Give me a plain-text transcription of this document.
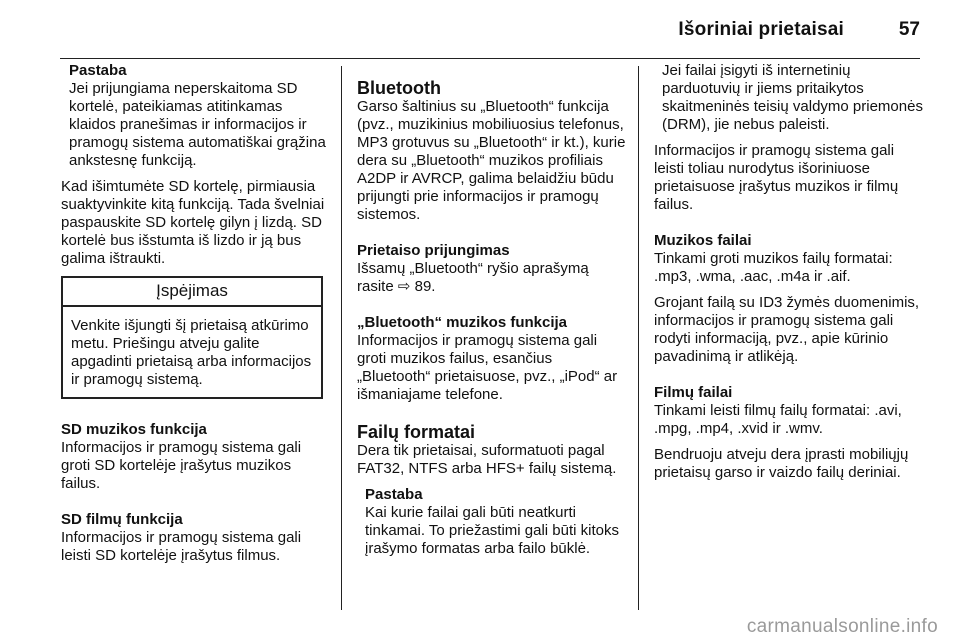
Išoriniai prietaisai	57

Pastaba

Jei prijungiama neperskaitoma SD kortelė, pateikiamas atitinkamas klaidos pranešimas ir informacijos ir pramogų sistema automatiškai grąžina ankstesnę funkciją.

Kad išimtumėte SD kortelę, pirmiausia suaktyvinkite kitą funkciją. Tada švelniai paspauskite SD kortelę gilyn į lizdą. SD kortelė bus išstumta iš lizdo ir ją bus galima ištraukti.

Įspėjimas
Venkite išjungti šį prietaisą atkūrimo metu. Priešingu atveju galite apgadinti prietaisą arba informacijos ir pramogų sistemą.

SD muzikos funkcija

Informacijos ir pramogų sistema gali groti SD kortelėje įrašytus muzikos failus.

SD filmų funkcija

Informacijos ir pramogų sistema gali leisti SD kortelėje įrašytus filmus.

Bluetooth

Garso šaltinius su „Bluetooth“ funkcija (pvz., muzikinius mobiliuosius telefonus, MP3 grotuvus su „Bluetooth“ ir kt.), kurie dera su „Bluetooth“ muzikos profiliais A2DP ir AVRCP, galima belaidžiu būdu prijungti prie informacijos ir pramogų sistemos.

Prietaiso prijungimas

Išsamų „Bluetooth“ ryšio aprašymą rasite ⇨ 89.

„Bluetooth“ muzikos funkcija

Informacijos ir pramogų sistema gali groti muzikos failus, esančius „Bluetooth“ prietaisuose, pvz., „iPod“ ar išmaniajame telefone.

Failų formatai

Dera tik prietaisai, suformatuoti pagal FAT32, NTFS arba HFS+ failų sistemą.

Pastaba

Kai kurie failai gali būti neatkurti tinkamai. To priežastimi gali būti kitoks įrašymo formatas arba failo būklė.

Jei failai įsigyti iš internetinių parduotuvių ir jiems pritaikytos skaitmeninės teisių valdymo priemonės (DRM), jie nebus paleisti.

Informacijos ir pramogų sistema gali leisti toliau nurodytus išoriniuose prietaisuose įrašytus muzikos ir filmų failus.

Muzikos failai

Tinkami groti muzikos failų formatai: .mp3, .wma, .aac, .m4a ir .aif.

Grojant failą su ID3 žymės duomenimis, informacijos ir pramogų sistema gali rodyti informaciją, pvz., apie kūrinio pavadinimą ir atlikėją.

Filmų failai

Tinkami leisti filmų failų formatai: .avi, .mpg, .mp4, .xvid ir .wmv.

Bendruoju atveju dera įprasti mobiliųjų prietaisų garso ir vaizdo failų deriniai.

carmanualsonline.info
